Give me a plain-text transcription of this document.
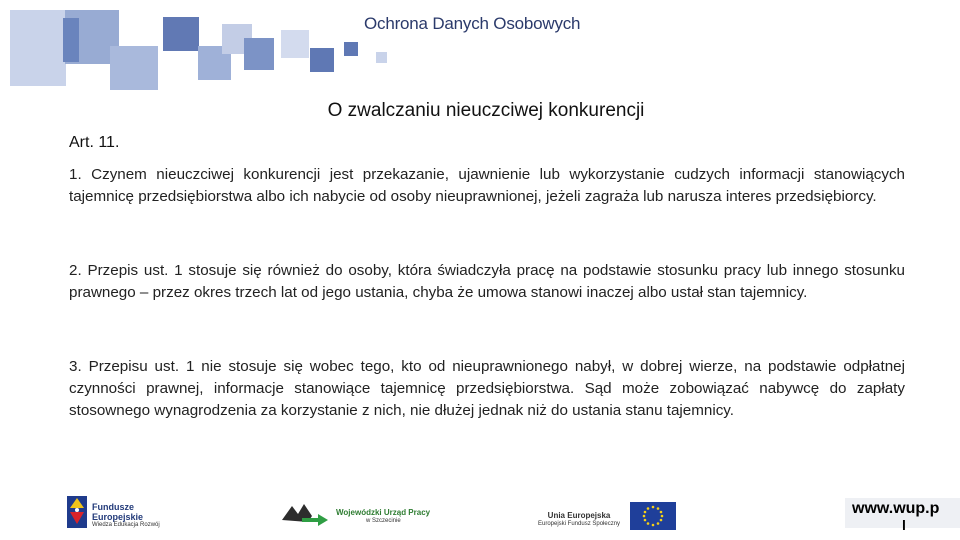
Ochrona Danych Osobowych
O zwalczaniu nieuczciwej konkurencji
Art. 11.
1. Czynem nieuczciwej konkurencji jest przekazanie, ujawnienie lub wykorzystanie cudzych informacji stanowiących tajemnicę przedsiębiorstwa albo ich nabycie od osoby nieuprawnionej, jeżeli zagraża lub narusza interes przedsiębiorcy.
2. Przepis ust. 1 stosuje się również do osoby, która świadczyła pracę na podstawie stosunku pracy lub innego stosunku prawnego – przez okres trzech lat od jego ustania, chyba że umowa stanowi inaczej albo ustał stan tajemnicy.
3. Przepisu ust. 1 nie stosuje się wobec tego, kto od nieuprawnionego nabył, w dobrej wierze, na podstawie odpłatnej czynności prawnej, informacje stanowiące tajemnicę przedsiębiorstwa. Sąd może zobowiązać nabywcę do zapłaty stosownego wynagrodzenia za korzystanie z nich, nie dłużej jednak niż do ustania stanu tajemnicy.
Fundusze
Europejskie
Wiedza Edukacja Rozwój
Wojewódzki Urząd Pracy
w Szczecinie
Unia Europejska
Europejski Fundusz Społeczny
www.wup.p
l
